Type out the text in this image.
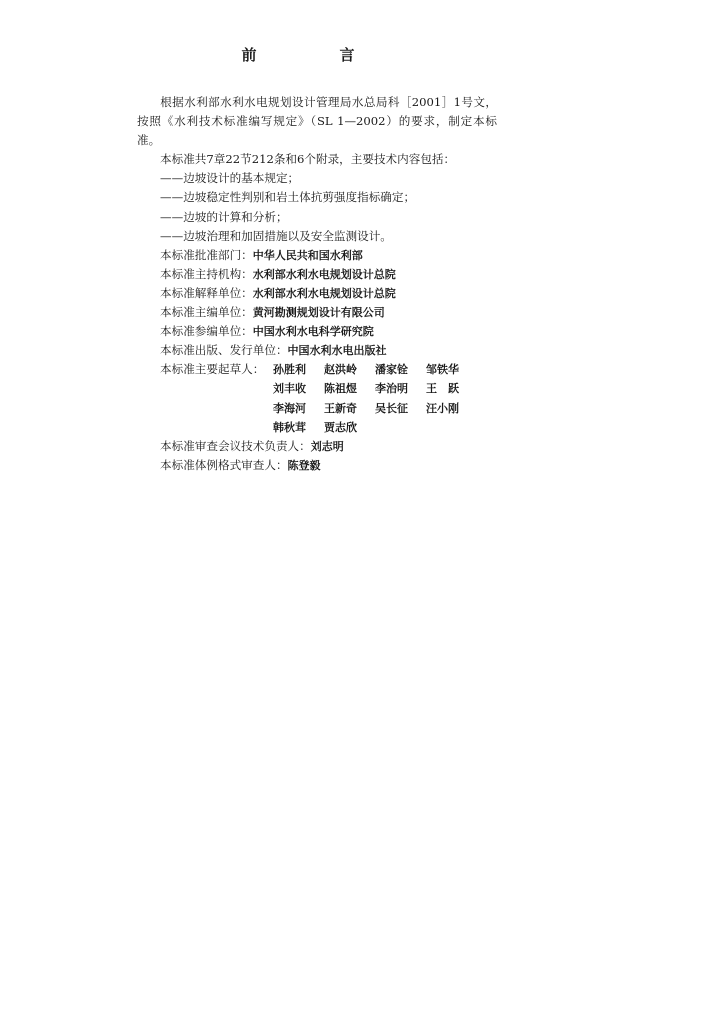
前　言

根据水利部水利水电规划设计管理局水总局科［2001］1号文，按照《水利技术标准编写规定》（SL 1—2002）的要求，制定本标准。

本标准共7章22节212条和6个附录，主要技术内容包括：

——边坡设计的基本规定；

——边坡稳定性判别和岩土体抗剪强度指标确定；

——边坡的计算和分析；

——边坡治理和加固措施以及安全监测设计。

本标准批准部门：中华人民共和国水利部

本标准主持机构：水利部水利水电规划设计总院

本标准解释单位：水利部水利水电规划设计总院

本标准主编单位：黄河勘测规划设计有限公司

本标准参编单位：中国水利水电科学研究院

本标准出版、发行单位：中国水利水电出版社

本标准主要起草人： 孙胜利 赵洪岭 潘家铨 邹铁华

刘丰收 陈祖煜 李治明 王　跃

李海河 王新奇 吴长征 汪小刚

韩秋茸 贾志欣

本标准审查会议技术负责人：刘志明

本标准体例格式审查人：陈登毅
